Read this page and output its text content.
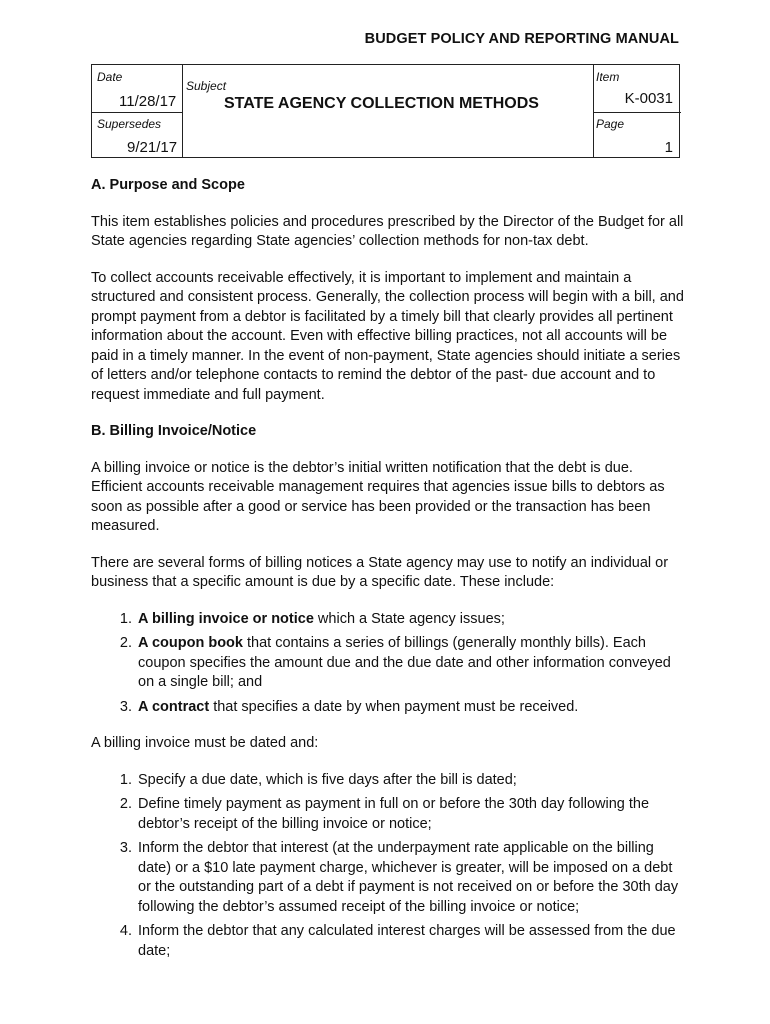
BUDGET POLICY AND REPORTING MANUAL
Date
11/28/17
Supersedes
9/21/17
Subject
STATE AGENCY COLLECTION METHODS
Item
K-0031
Page
1
A. Purpose and Scope

This item establishes policies and procedures prescribed by the Director of the Budget for all State agencies regarding State agencies’ collection methods for non-tax debt.

To collect accounts receivable effectively, it is important to implement and maintain a structured and consistent process. Generally, the collection process will begin with a bill, and prompt payment from a debtor is facilitated by a timely bill that clearly provides all pertinent information about the account. Even with effective billing practices, not all accounts will be paid in a timely manner. In the event of non-payment, State agencies should initiate a series of letters and/or telephone contacts to remind the debtor of the past- due account and to request immediate and full payment.

B. Billing Invoice/Notice

A billing invoice or notice is the debtor’s initial written notification that the debt is due. Efficient accounts receivable management requires that agencies issue bills to debtors as soon as possible after a good or service has been provided or the transaction has been measured.

There are several forms of billing notices a State agency may use to notify an individual or business that a specific amount is due by a specific date. These include:

1. A billing invoice or notice which a State agency issues;
2. A coupon book that contains a series of billings (generally monthly bills). Each coupon specifies the amount due and the due date and other information conveyed on a single bill; and
3. A contract that specifies a date by when payment must be received.

A billing invoice must be dated and:

1. Specify a due date, which is five days after the bill is dated;
2. Define timely payment as payment in full on or before the 30th day following the debtor’s receipt of the billing invoice or notice;
3. Inform the debtor that interest (at the underpayment rate applicable on the billing date) or a $10 late payment charge, whichever is greater, will be imposed on a debt or the outstanding part of a debt if payment is not received on or before the 30th day following the debtor’s assumed receipt of the billing invoice or notice;
4. Inform the debtor that any calculated interest charges will be assessed from the due date;
